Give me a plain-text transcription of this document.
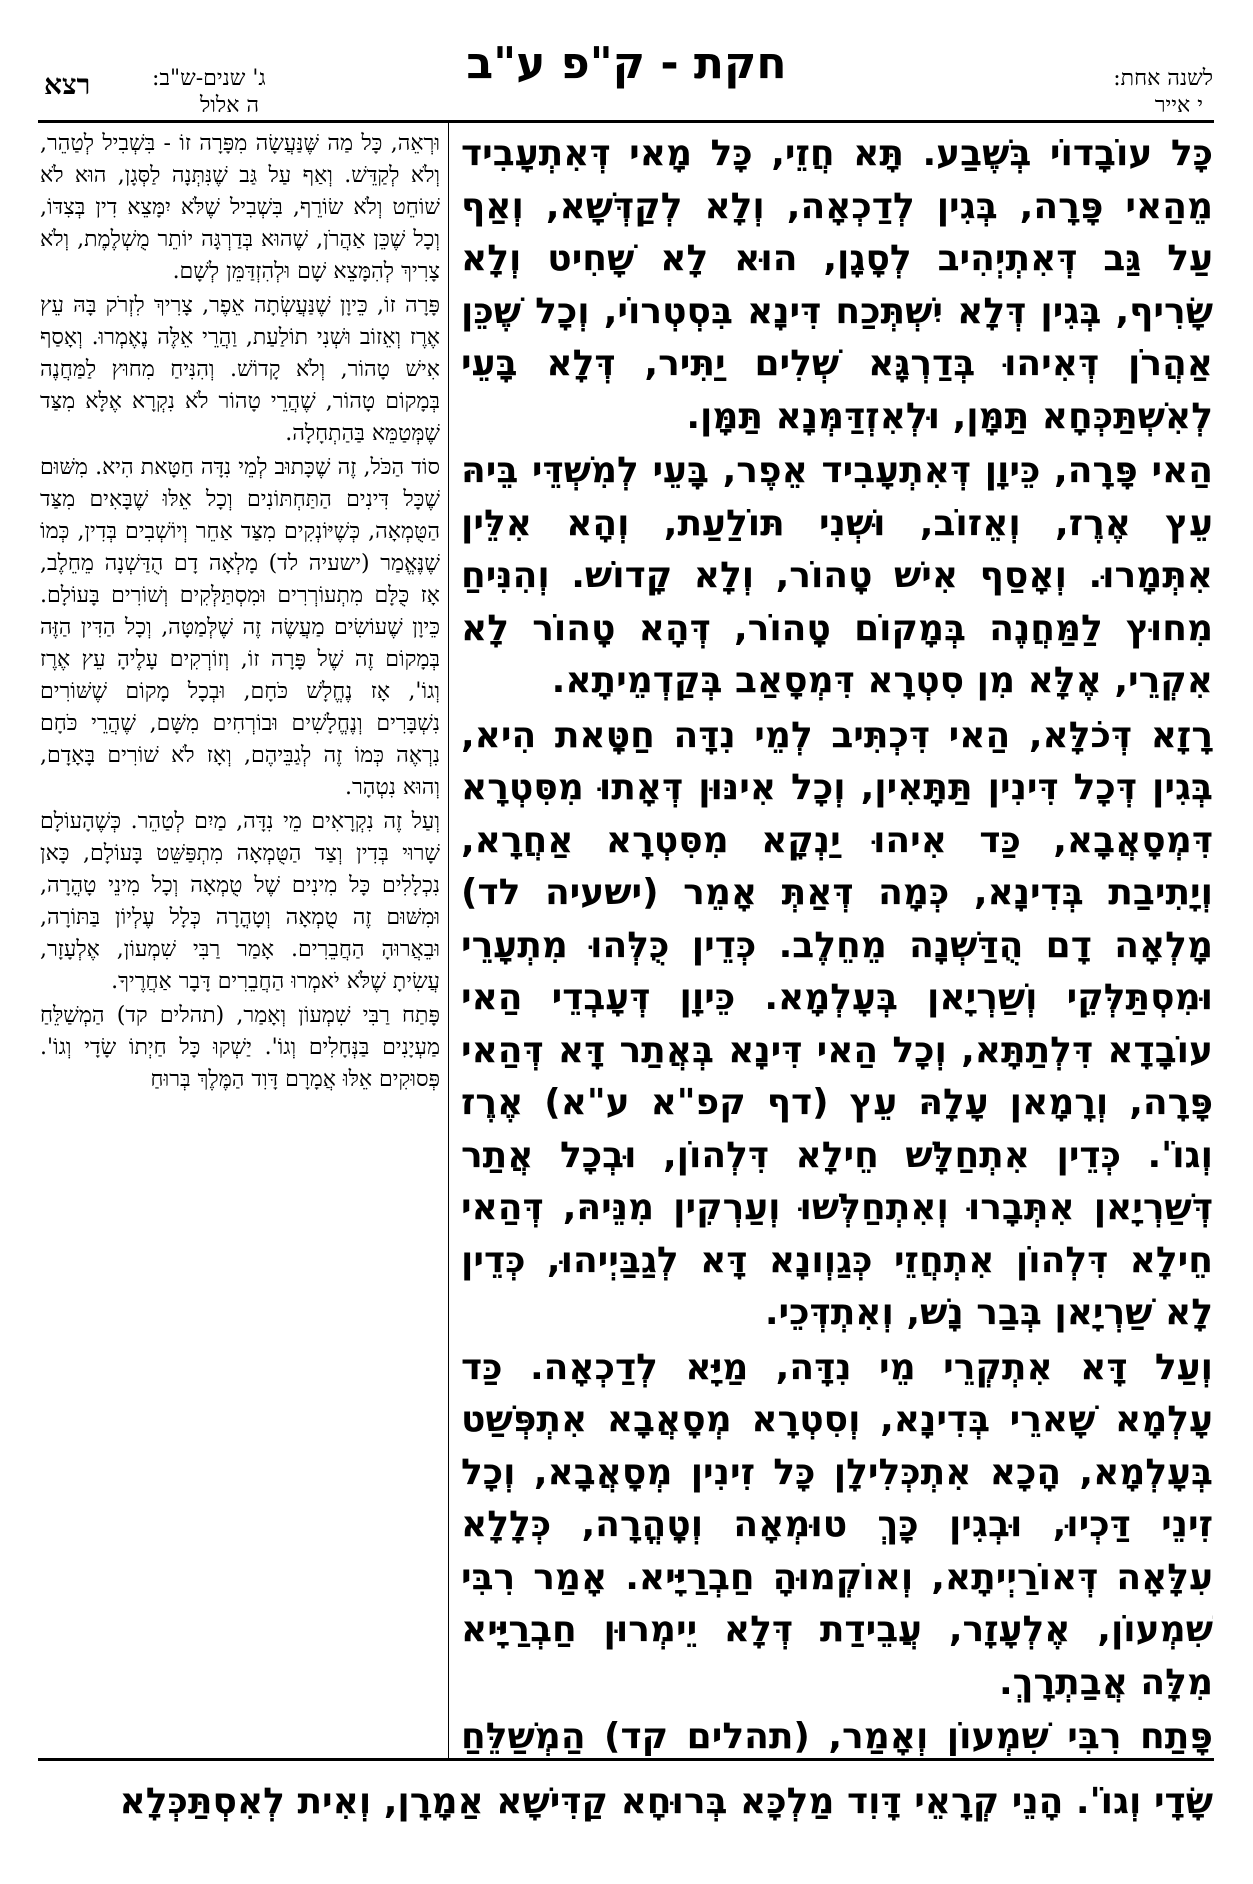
לשנה אחת:
י אייר
חקת - ק"פ ע"ב
ג' שנים-ש"ב:
ה אלול
רצא

כָּל עוֹבָדוֹי בְּשֶׁבַע. תָּא חֲזֵי, כָּל מָאי דְּאִתְעָבִיד מֵהַאי פָּרָה, בְּגִין לְדַכְאָה, וְלָא לְקַדְּשָׁא, וְאַף עַל גַּב דְּאִתְיְהִיב לְסָגָן, הוּא לָא שָׁחִיט וְלָא שָׂרִיף, בְּגִין דְּלָא יִשְׁתְּכַח דִּינָא בִּסְטְרוֹי, וְכָל שֶׁכֵּן אַהֲרֹן דְּאִיהוּ בְּדַרְגָּא שְׁלִים יַתִּיר, דְּלָא בָּעֵי לְאִשְׁתַּכְּחָא תַּמָּן, וּלְאִזְדַּמְּנָא תַּמָּן.

הַאי פָּרָה, כֵּיוָן דְּאִתְעָבִיד אֵפֶר, בָּעֵי לְמִשְׁדֵּי בֵּיהּ עֵץ אֶרֶז, וְאֵזוֹב, וּשְׁנִי תּוֹלַעַת, וְהָא אִלֵּין אִתְּמָרוּ. וְאָסַף אִישׁ טָהוֹר, וְלָא קָדוֹשׁ. וְהִנִּיחַ מִחוּץ לַמַּחֲנֶה בְּמָקוֹם טָהוֹר, דְּהָא טָהוֹר לָא אִקְרֵי, אֶלָּא מִן סִטְרָא דִּמְסָאַב בְּקַדְמֵיתָא.

רָזָא דְּכֹלָּא, הַאי דִּכְתִּיב לְמֵי נִדָּה חַטָּאת הִיא, בְּגִין דְּכָל דִּינִין תַּתָּאִין, וְכָל אִינּוּן דְּאָתוּ מִסִּטְרָא דִּמְסָאֲבָא, כַּד אִיהוּ יַנְקָא מִסִּטְרָא אַחֲרָא, וְיָתִיבַת בְּדִינָא, כְּמָה דְּאַתְּ אָמֵר (ישעיה לד) מָלְאָה דָם הֻדַּשְׁנָה מֵחֵלֶב. כְּדֵין כֻּלְּהוּ מִתְעָרֵי וּמִסְתַּלְּקֵי וְשַׁרְיָאן בְּעָלְמָא. כֵּיוָן דְּעָבְדֵי הַאי עוֹבָדָא דִּלְתַתָּא, וְכָל הַאי דִּינָא בְּאֲתַר דָּא דְּהַאי פָּרָה, וְרָמָאן עָלָהּ עֵץ (דף קפ"א ע"א) אֶרֶז וְגוֹ'. כְּדֵין אִתְחַלָּשׁ חֵילָא דִּלְהוֹן, וּבְכָל אֲתַר דְּשַׁרְיָאן אִתְּבָרוּ וְאִתְחַלְּשׁוּ וְעַרְקִין מִנֵּיהּ, דְּהַאי חֵילָא דִּלְהוֹן אִתְחֲזֵי כְּגַוְונָא דָּא לְגַבַּיְיהוּ, כְּדֵין לָא שַׁרְיָאן בְּבַר נָשׁ, וְאִתְדְּכֵי.

וְעַל דָּא אִתְקְרֵי מֵי נִדָּה, מַיָּא לְדַכְאָה. כַּד עָלְמָא שָׁארֵי בְּדִינָא, וְסִטְרָא מְסָאֲבָא אִתְפְּשַׁט בְּעָלְמָא, הָכָא אִתְכְּלִילָן כָּל זִינִין מְסָאֲבָא, וְכָל זִינֵי דַּכְיוּ, וּבְגִין כָּךְ טוּמְאָה וְטָהֳרָה, כְּלָלָא עִלָּאָה דְּאוֹרַיְיתָא, וְאוֹקְמוּהָ חַבְרַיָּיא. אָמַר רִבִּי שִׁמְעוֹן, אֶלְעָזָר, עֲבֵידַת דְּלָא יֵימְרוּן חַבְרַיָּיא מִלָּה אֲבַתְרָךְ.

פָּתַח רִבִּי שִׁמְעוֹן וְאָמַר, (תהלים קד) הַמְשַׁלֵּחַ

וּרְאֵה, כָּל מַה שֶּׁנַּעֲשָׂה מִפָּרָה זוֹ - בִּשְׁבִיל לְטַהֵר, וְלֹא לְקַדֵּשׁ. וְאַף עַל גַּב שֶׁנִּתְּנָה לַסְּגָן, הוּא לֹא שׁוֹחֵט וְלֹא שׂוֹרֵף, בִּשְׁבִיל שֶׁלֹּא יִמָּצֵא דִין בְּצִדּוֹ, וְכָל שֶׁכֵּן אַהֲרֹן, שֶׁהוּא בְּדַרְגָּה יוֹתֵר מֻשְׁלֶמֶת, וְלֹא צָרִיךְ לְהִמָּצֵא שָׁם וּלְהִזְדַּמֵּן לְשָׁם.

פָּרָה זוֹ, כֵּיוָן שֶׁנַּעֲשְׂתָה אֵפֶר, צָרִיךְ לִזְרֹק בָּהּ עֵץ אֶרֶז וְאֵזוֹב וּשְׁנִי תוֹלַעַת, וַהֲרֵי אֵלֶּה נֶאֶמְרוּ. וְאָסַף אִישׁ טָהוֹר, וְלֹא קָדוֹשׁ. וְהִנִּיחַ מִחוּץ לַמַּחֲנֶה בְּמָקוֹם טָהוֹר, שֶׁהֲרֵי טָהוֹר לֹא נִקְרָא אֶלָּא מִצַּד שֶׁמְּטַמֵּא בַּהַתְחָלָה.

סוֹד הַכֹּל, זֶה שֶׁכָּתוּב לְמֵי נִדָּה חַטָּאת הִיא. מִשּׁוּם שֶׁכָּל דִּינִים הַתַּחְתּוֹנִים וְכָל אֵלּוּ שֶׁבָּאִים מִצַּד הַטֻּמְאָה, כְּשֶׁיּוֹנְקִים מִצַּד אַחֵר וְיוֹשְׁבִים בְּדִין, כְּמוֹ שֶׁנֶּאֱמַר (ישעיה לד) מָלְאָה דָם הֻדַּשְׁנָה מֵחֵלֶב, אָז כֻּלָּם מִתְעוֹרְרִים וּמִסְתַּלְּקִים וְשׁוֹרִים בָּעוֹלָם. כֵּיוָן שֶׁעוֹשִׂים מַעֲשֶׂה זֶה שֶׁלְּמַטָּה, וְכָל הַדִּין הַזֶּה בְּמָקוֹם זֶה שֶׁל פָּרָה זוֹ, וְזוֹרְקִים עָלֶיהָ עֵץ אֶרֶז וְגוֹ', אָז נֶחֱלָשׁ כֹּחָם, וּבְכָל מָקוֹם שֶׁשּׁוֹרִים נִשְׁבָּרִים וְנֶחֱלָשִׁים וּבוֹרְחִים מִשָּׁם, שֶׁהֲרֵי כֹּחָם נִרְאֶה כְּמוֹ זֶה לְגַבֵּיהֶם, וְאָז לֹא שׁוֹרִים בָּאָדָם, וְהוּא נִטְהָר.

וְעַל זֶה נִקְרָאִים מֵי נִדָּה, מַיִם לְטַהֵר. כְּשֶׁהָעוֹלָם שָׁרוּי בְּדִין וְצַד הַטֻּמְאָה מִתְפַּשֵּׁט בָּעוֹלָם, כָּאן נִכְלָלִים כָּל מִינִים שֶׁל טֻמְאָה וְכָל מִינֵי טָהֳרָה, וּמִשּׁוּם זֶה טֻמְאָה וְטָהֳרָה כְּלָל עֶלְיוֹן בַּתּוֹרָה, וּבֵאֲרוּהָ הַחֲבֵרִים. אָמַר רַבִּי שִׁמְעוֹן, אֶלְעָזָר, עֲשִׂיתָ שֶׁלֹּא יֹאמְרוּ הַחֲבֵרִים דָּבָר אַחֲרֶיךָ.

פָּתַח רַבִּי שִׁמְעוֹן וְאָמַר, (תהלים קד) הַמְשַׁלֵּחַ מַעְיָנִים בַּנְּחָלִים וְגוֹ'. יַשְׁקוּ כָּל חַיְתוֹ שָׂדָי וְגוֹ'. פְּסוּקִים אֵלּוּ אֲמָרָם דָּוִד הַמֶּלֶךְ בְּרוּחַ

שָׂדָי וְגוֹ'. הָנֵי קְרָאֵי דָּוִד מַלְכָּא בְּרוּחָא קַדִּישָׁא אַמָרָן, וְאִית לְאִסְתַּכְּלָא
